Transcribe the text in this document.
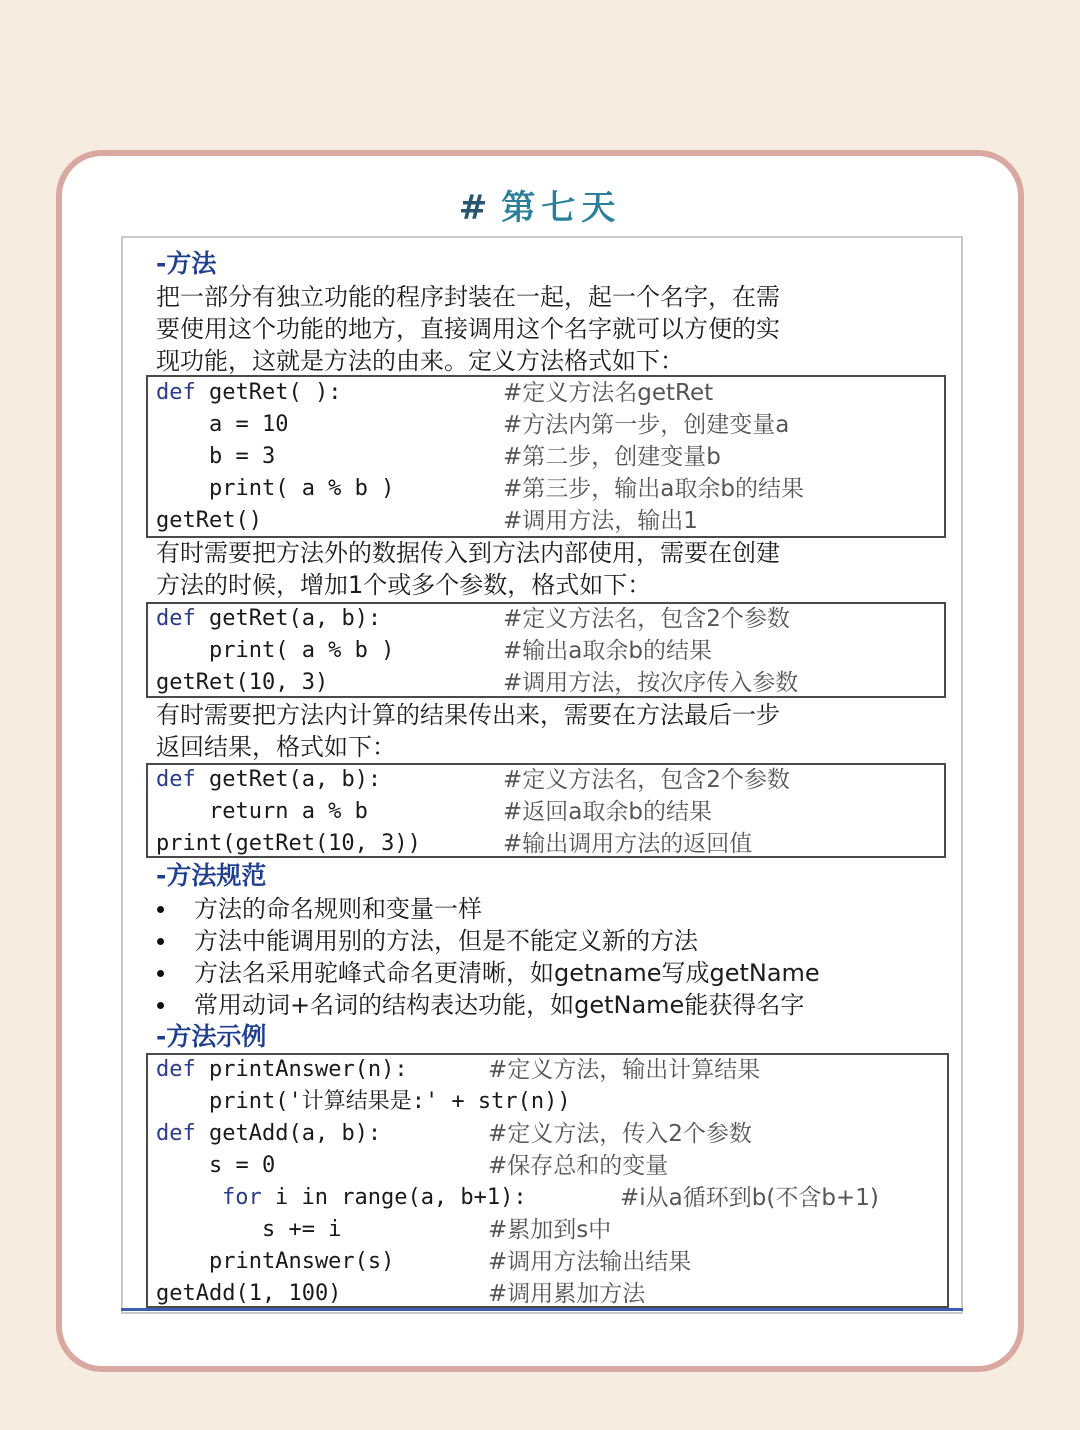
# 第七天
-方法
把一部分有独立功能的程序封装在一起，起一个名字，在需
要使用这个功能的地方，直接调用这个名字就可以方便的实
现功能，这就是方法的由来。定义方法格式如下：
def getRet( ):	#定义方法名getRet
a = 10	#方法内第一步，创建变量a
b = 3	#第二步，创建变量b
print( a % b )	#第三步，输出a取余b的结果
getRet()	#调用方法，输出1
有时需要把方法外的数据传入到方法内部使用，需要在创建
方法的时候，增加1个或多个参数，格式如下：
def getRet(a, b):	#定义方法名，包含2个参数
print( a % b )	#输出a取余b的结果
getRet(10, 3)	#调用方法，按次序传入参数
有时需要把方法内计算的结果传出来，需要在方法最后一步
返回结果，格式如下：
def getRet(a, b):	#定义方法名，包含2个参数
return a % b	#返回a取余b的结果
print(getRet(10, 3))	#输出调用方法的返回值
-方法规范
方法的命名规则和变量一样
方法中能调用别的方法，但是不能定义新的方法
方法名采用驼峰式命名更清晰，如getname写成getName
常用动词+名词的结构表达功能，如getName能获得名字
-方法示例
def printAnswer(n):	#定义方法，输出计算结果
print('计算结果是:' + str(n))
def getAdd(a, b):	#定义方法，传入2个参数
s = 0	#保存总和的变量
for i in range(a, b+1):	#i从a循环到b(不含b+1)
s += i	#累加到s中
printAnswer(s)	#调用方法输出结果
getAdd(1, 100)	#调用累加方法
